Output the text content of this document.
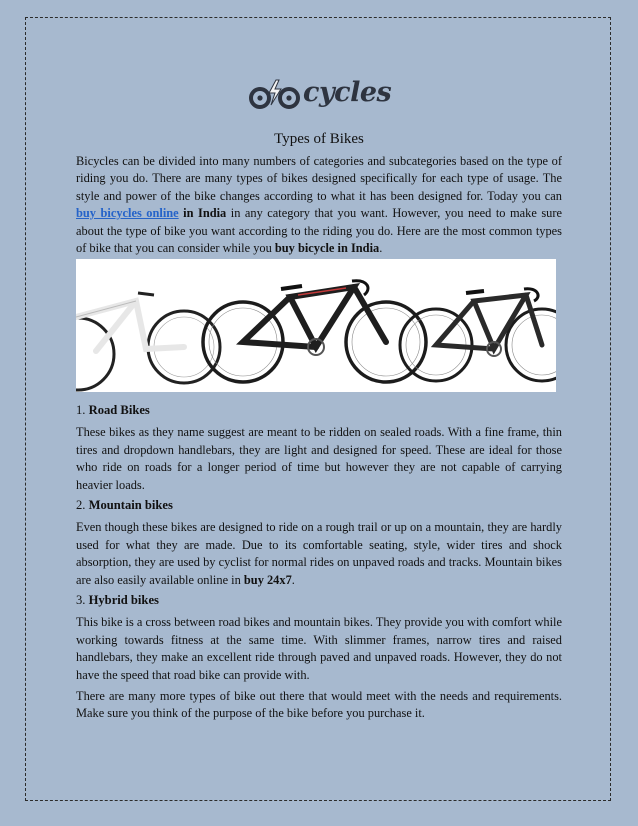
cycles
Types of Bikes
Bicycles can be divided into many numbers of categories and subcategories based on the type of riding you do. There are many types of bikes designed specifically for each type of usage. The style and power of the bike changes according to what it has been designed for. Today you can buy bicycles online in India in any category that you want. However, you need to make sure about the type of bike you want according to the riding you do. Here are the most common types of bike that you can consider while you buy bicycle in India.
1. Road Bikes
These bikes as they name suggest are meant to be ridden on sealed roads. With a fine frame, thin tires and dropdown handlebars, they are light and designed for speed. These are ideal for those who ride on roads for a longer period of time but however they are not capable of carrying heavier loads.
2. Mountain bikes
Even though these bikes are designed to ride on a rough trail or up on a mountain, they are hardly used for what they are made. Due to its comfortable seating, style, wider tires and shock absorption, they are used by cyclist for normal rides on unpaved roads and tracks. Mountain bikes are also easily available online in buy 24x7.
3. Hybrid bikes
This bike is a cross between road bikes and mountain bikes. They provide you with comfort while working towards fitness at the same time. With slimmer frames, narrow tires and raised handlebars, they make an excellent ride through paved and unpaved roads. However, they do not have the speed that road bike can provide with.
There are many more types of bike out there that would meet with the needs and requirements. Make sure you think of the purpose of the bike before you purchase it.
